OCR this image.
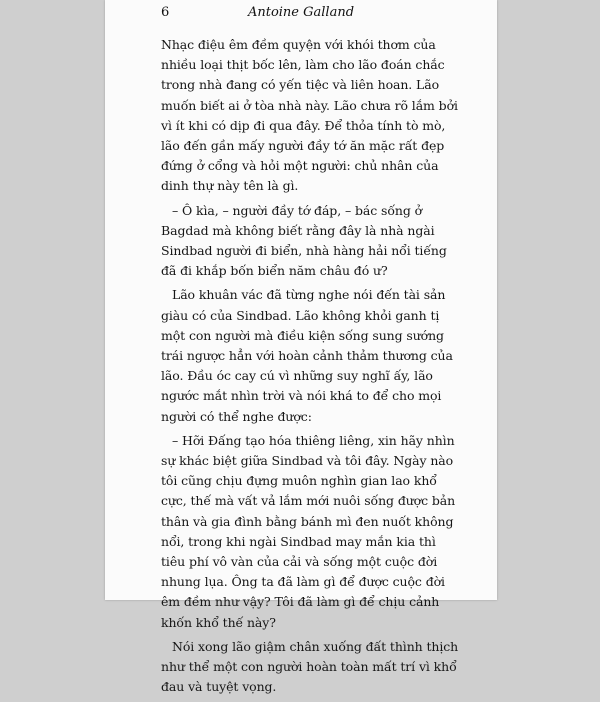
6	Antoine Galland

Nhạc điệu êm đềm quyện với khói thơm của nhiều loại thịt bốc lên, làm cho lão đoán chắc trong nhà đang có yến tiệc và liên hoan. Lão muốn biết ai ở tòa nhà này. Lão chưa rõ lắm bởi vì ít khi có dịp đi qua đây. Để thỏa tính tò mò, lão đến gần mấy người đầy tớ ăn mặc rất đẹp đứng ở cổng và hỏi một người: chủ nhân của dinh thự này tên là gì.

– Ô kìa, – người đầy tớ đáp, – bác sống ở Bagdad mà không biết rằng đây là nhà ngài Sindbad người đi biển, nhà hàng hải nổi tiếng đã đi khắp bốn biển năm châu đó ư?

Lão khuân vác đã từng nghe nói đến tài sản giàu có của Sindbad. Lão không khỏi ganh tị một con người mà điều kiện sống sung sướng trái ngược hẳn với hoàn cảnh thảm thương của lão. Đầu óc cay cú vì những suy nghĩ ấy, lão ngước mắt nhìn trời và nói khá to để cho mọi người có thể nghe được:

– Hỡi Đấng tạo hóa thiêng liêng, xin hãy nhìn sự khác biệt giữa Sindbad và tôi đây. Ngày nào tôi cũng chịu đựng muôn nghìn gian lao khổ cực, thế mà vất vả lắm mới nuôi sống được bản thân và gia đình bằng bánh mì đen nuốt không nổi, trong khi ngài Sindbad may mắn kia thì tiêu phí vô vàn của cải và sống một cuộc đời nhung lụa. Ông ta đã làm gì để được cuộc đời êm đềm như vậy? Tôi đã làm gì để chịu cảnh khốn khổ thế này?

Nói xong lão giậm chân xuống đất thình thịch như thể một con người hoàn toàn mất trí vì khổ đau và tuyệt vọng.
